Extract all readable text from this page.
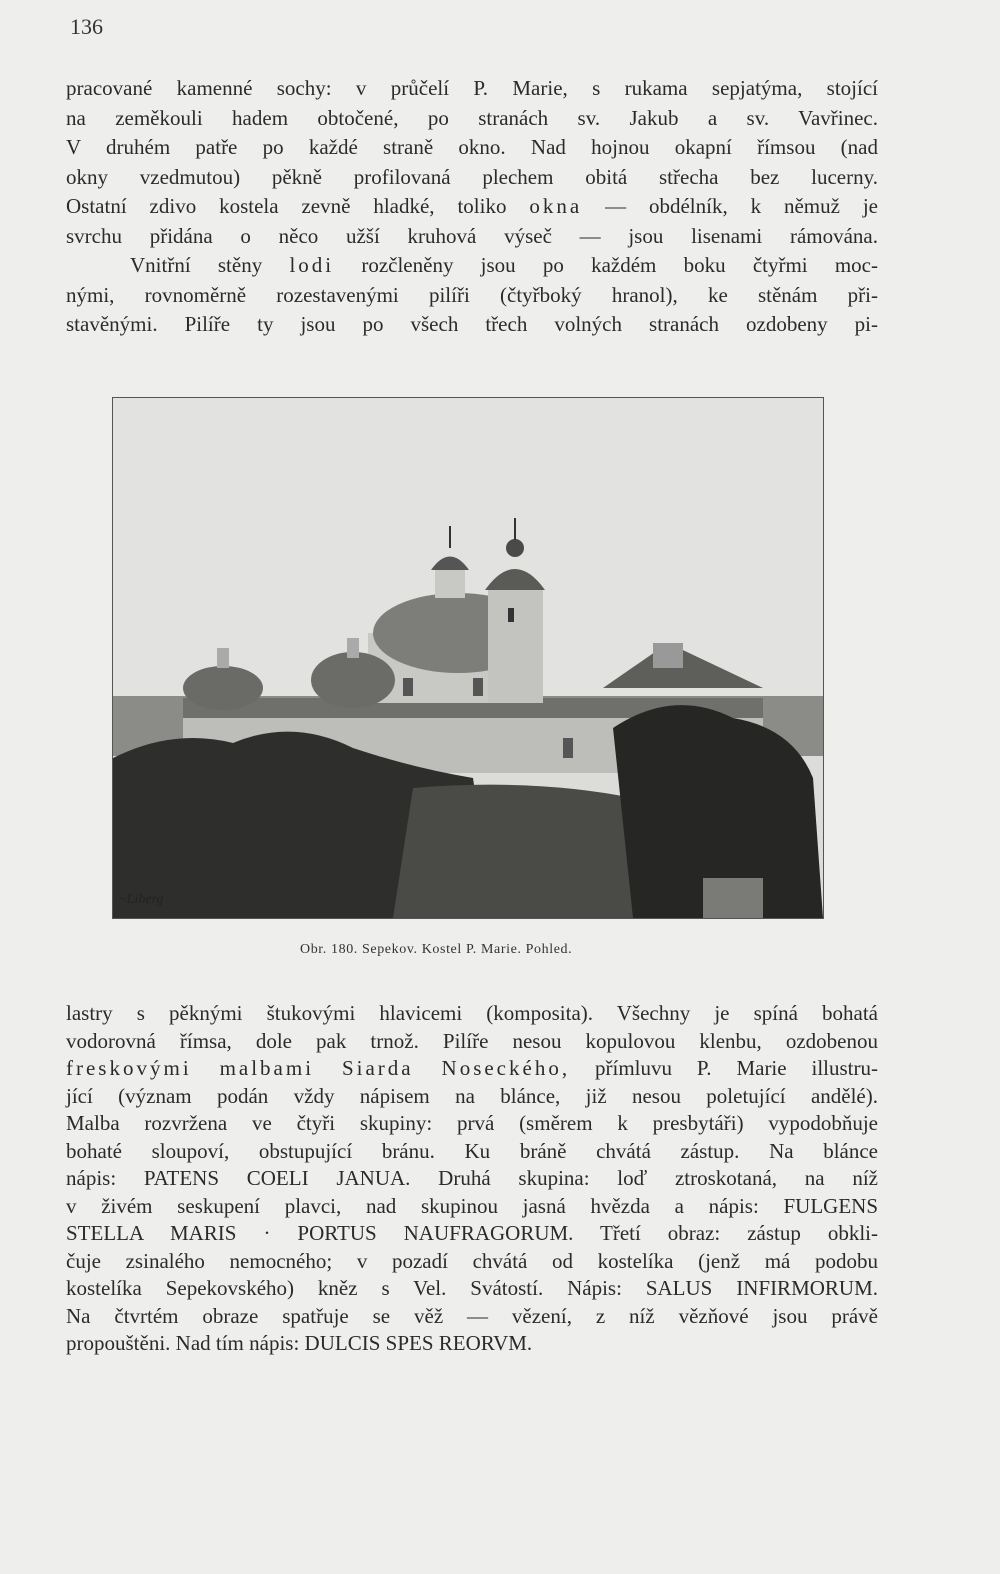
136
pracované kamenné sochy: v průčelí P. Marie, s rukama sepjatýma, stojící
na zeměkouli hadem obtočené, po stranách sv. Jakub a sv. Vavřinec.
V druhém patře po každé straně okno. Nad hojnou okapní římsou (nad
okny vzedmutou) pěkně profilovaná plechem obitá střecha bez lucerny.
Ostatní zdivo kostela zevně hladké, toliko okna — obdélník, k němuž je
svrchu přidána o něco užší kruhová výseč — jsou lisenami rámována.
Vnitřní stěny lodi rozčleněny jsou po každém boku čtyřmi moc-
nými, rovnoměrně rozestavenými pilíři (čtyřboký hranol), ke stěnám při-
stavěnými. Pilíře ty jsou po všech třech volných stranách ozdobeny pi-
~Liberg
Obr. 180. Sepekov. Kostel P. Marie. Pohled.
lastry s pěknými štukovými hlavicemi (komposita). Všechny je spíná bohatá
vodorovná římsa, dole pak trnož. Pilíře nesou kopulovou klenbu, ozdobenou
freskovými malbami Siarda Noseckého, přímluvu P. Marie illustru-
jící (význam podán vždy nápisem na blánce, již nesou poletující andělé).
Malba rozvržena ve čtyři skupiny: prvá (směrem k presbytáři) vypodobňuje
bohaté sloupoví, obstupující bránu. Ku bráně chvátá zástup. Na blánce
nápis: PATENS COELI JANUA. Druhá skupina: loď ztroskotaná, na níž
v živém seskupení plavci, nad skupinou jasná hvězda a nápis: FULGENS
STELLA MARIS · PORTUS NAUFRAGORUM. Třetí obraz: zástup obkli-
čuje zsinalého nemocného; v pozadí chvátá od kostelíka (jenž má podobu
kostelíka Sepekovského) kněz s Vel. Svátostí. Nápis: SALUS INFIRMORUM.
Na čtvrtém obraze spatřuje se věž — vězení, z níž vězňové jsou právě
propouštěni. Nad tím nápis: DULCIS SPES REORVM.
